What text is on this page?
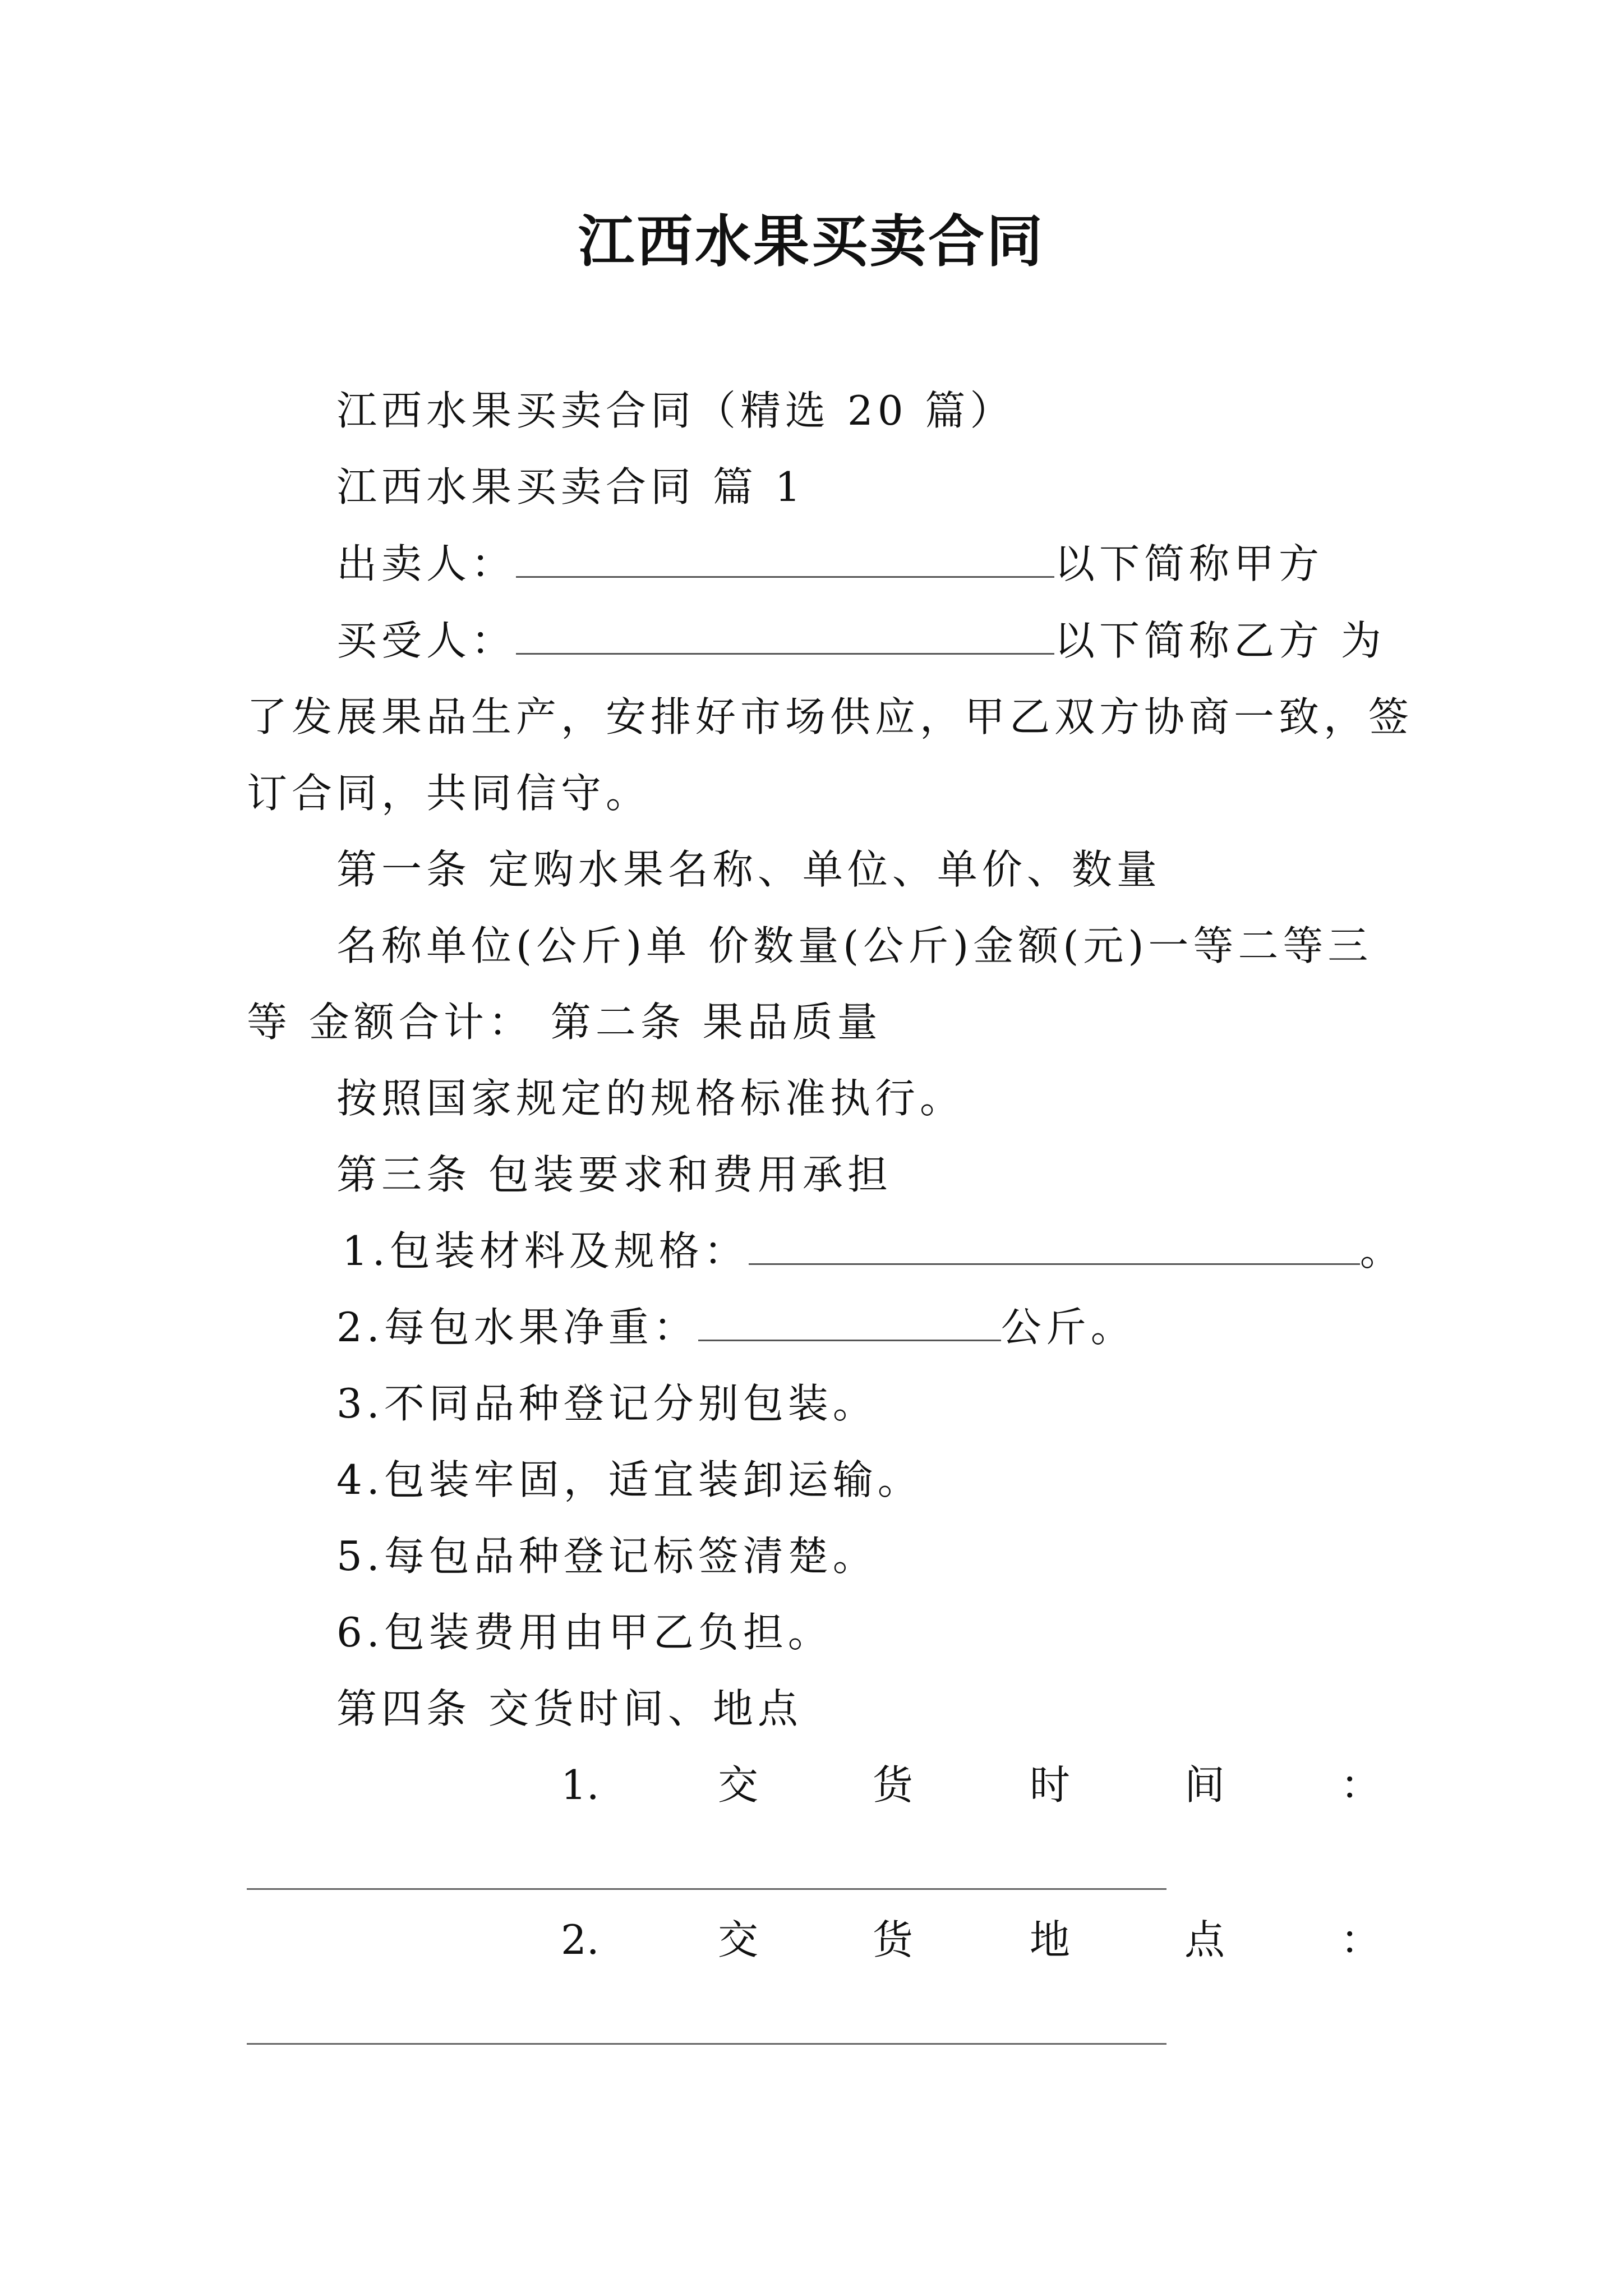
江西水果买卖合同
江西水果买卖合同（精选 20 篇）
江西水果买卖合同 篇 1
出卖人：	以下简称甲方
买受人：	以下简称乙方 为
了发展果品生产，安排好市场供应，甲乙双方协商一致，签
订合同，共同信守。
第一条 定购水果名称、单位、单价、数量
名称单位(公斤)单 价数量(公斤)金额(元)一等二等三
等 金额合计： 第二条 果品质量
按照国家规定的规格标准执行。
第三条 包装要求和费用承担
1.包装材料及规格：	。
2.每包水果净重：	公斤。
3.不同品种登记分别包装。
4.包装牢固，适宜装卸运输。
5.每包品种登记标签清楚。
6.包装费用由甲乙负担。
第四条 交货时间、地点
1.	交	货	时	间	：
2.	交	货	地	点	：
